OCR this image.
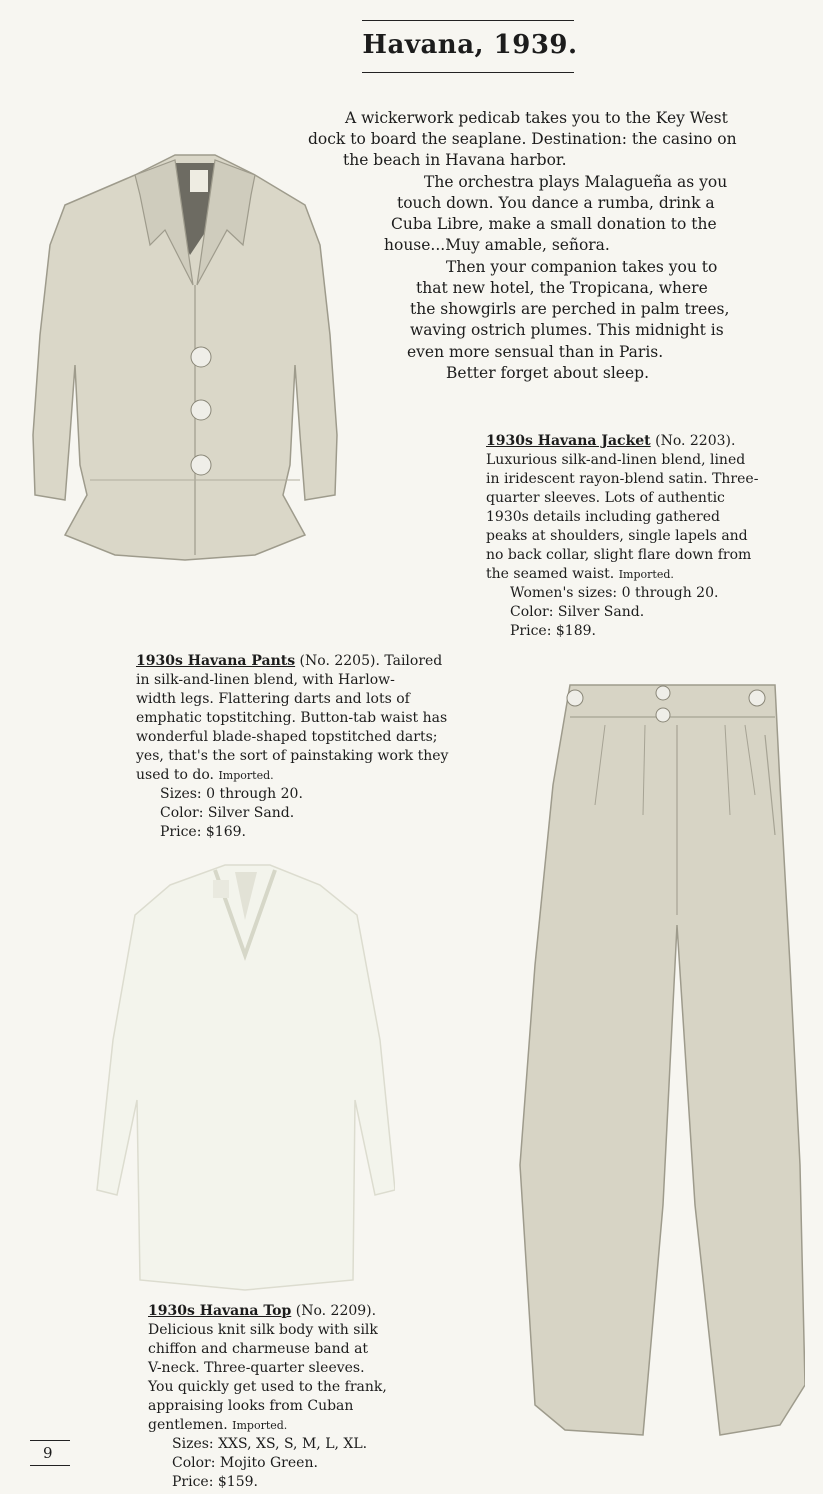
Havana, 1939.
A wickerwork pedicab takes you to the Key West
dock to board the seaplane. Destination: the casino on
the beach in Havana harbor.
The orchestra plays Malagueña as you
touch down. You dance a rumba, drink a
Cuba Libre, make a small donation to the
house...Muy amable, señora.
Then your companion takes you to
that new hotel, the Tropicana, where
the showgirls are perched in palm trees,
waving ostrich plumes. This midnight is
even more sensual than in Paris.
Better forget about sleep.
1930s Havana Jacket (No. 2203).
Luxurious silk-and-linen blend, lined
in iridescent rayon-blend satin. Three-
quarter sleeves. Lots of authentic
1930s details including gathered
peaks at shoulders, single lapels and
no back collar, slight flare down from
the seamed waist. Imported.
Women's sizes: 0 through 20.
Color: Silver Sand.
Price: $189.
1930s Havana Pants (No. 2205). Tailored
in silk-and-linen blend, with Harlow-
width legs. Flattering darts and lots of
emphatic topstitching. Button-tab waist has
wonderful blade-shaped topstitched darts;
yes, that's the sort of painstaking work they
used to do. Imported.
Sizes: 0 through 20.
Color: Silver Sand.
Price: $169.
1930s Havana Top (No. 2209).
Delicious knit silk body with silk
chiffon and charmeuse band at
V-neck. Three-quarter sleeves.
You quickly get used to the frank,
appraising looks from Cuban
gentlemen. Imported.
Sizes: XXS, XS, S, M, L, XL.
Color: Mojito Green.
Price: $159.
9
